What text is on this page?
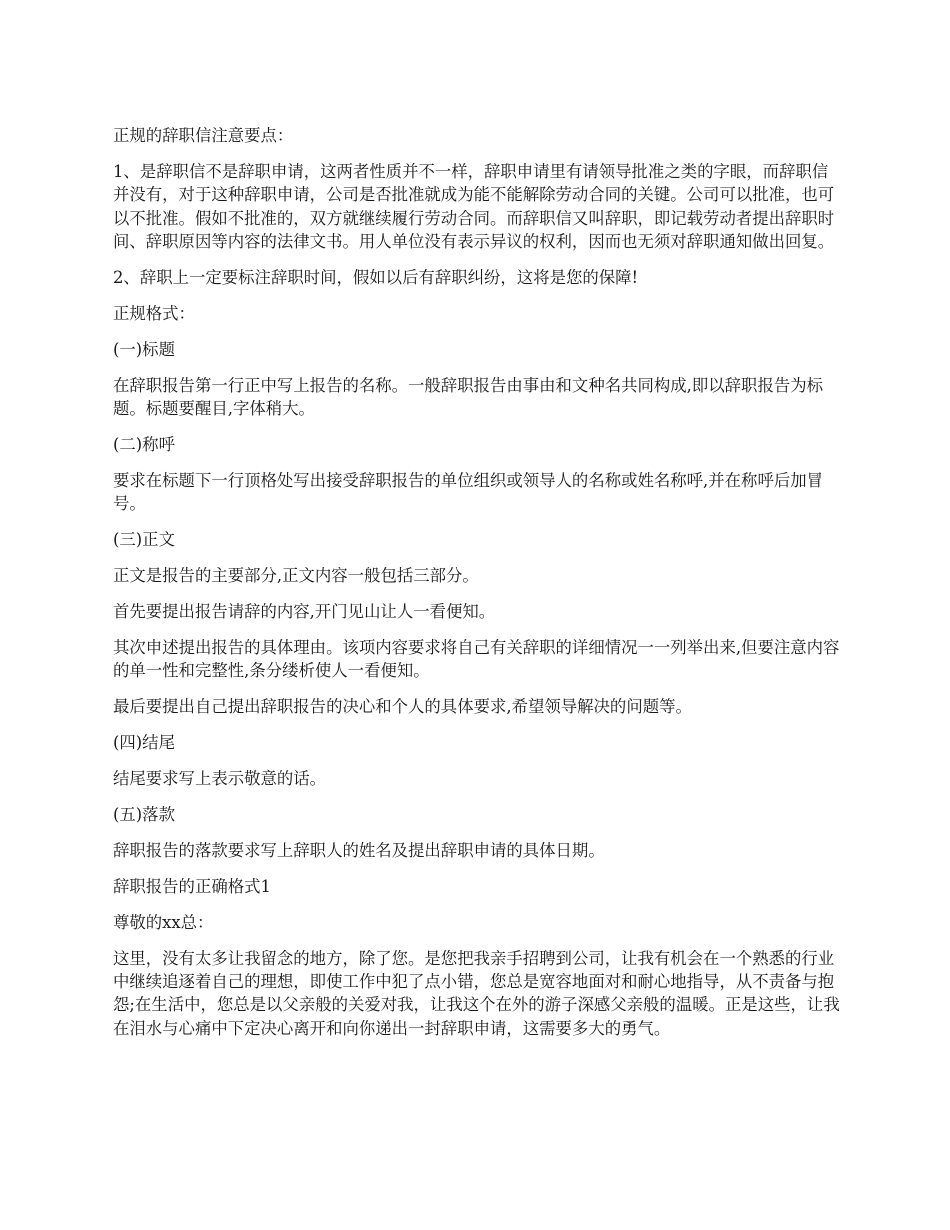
正规的辞职信注意要点：

1、是辞职信不是辞职申请，这两者性质并不一样，辞职申请里有请领导批准之类的字眼，而辞职信并没有，对于这种辞职申请，公司是否批准就成为能不能解除劳动合同的关键。公司可以批准，也可以不批准。假如不批准的，双方就继续履行劳动合同。而辞职信又叫辞职，即记载劳动者提出辞职时间、辞职原因等内容的法律文书。用人单位没有表示异议的权利，因而也无须对辞职通知做出回复。

2、辞职上一定要标注辞职时间，假如以后有辞职纠纷，这将是您的保障!

正规格式：

(一)标题

在辞职报告第一行正中写上报告的名称。一般辞职报告由事由和文种名共同构成,即以辞职报告为标题。标题要醒目,字体稍大。

(二)称呼

要求在标题下一行顶格处写出接受辞职报告的单位组织或领导人的名称或姓名称呼,并在称呼后加冒号。

(三)正文

正文是报告的主要部分,正文内容一般包括三部分。

首先要提出报告请辞的内容,开门见山让人一看便知。

其次申述提出报告的具体理由。该项内容要求将自己有关辞职的详细情况一一列举出来,但要注意内容的单一性和完整性,条分缕析使人一看便知。

最后要提出自己提出辞职报告的决心和个人的具体要求,希望领导解决的问题等。

(四)结尾

结尾要求写上表示敬意的话。

(五)落款

辞职报告的落款要求写上辞职人的姓名及提出辞职申请的具体日期。

辞职报告的正确格式1

尊敬的xx总：

这里，没有太多让我留念的地方，除了您。是您把我亲手招聘到公司，让我有机会在一个熟悉的行业中继续追逐着自己的理想，即使工作中犯了点小错，您总是宽容地面对和耐心地指导，从不责备与抱怨;在生活中，您总是以父亲般的关爱对我，让我这个在外的游子深感父亲般的温暖。正是这些，让我在泪水与心痛中下定决心离开和向你递出一封辞职申请，这需要多大的勇气。
